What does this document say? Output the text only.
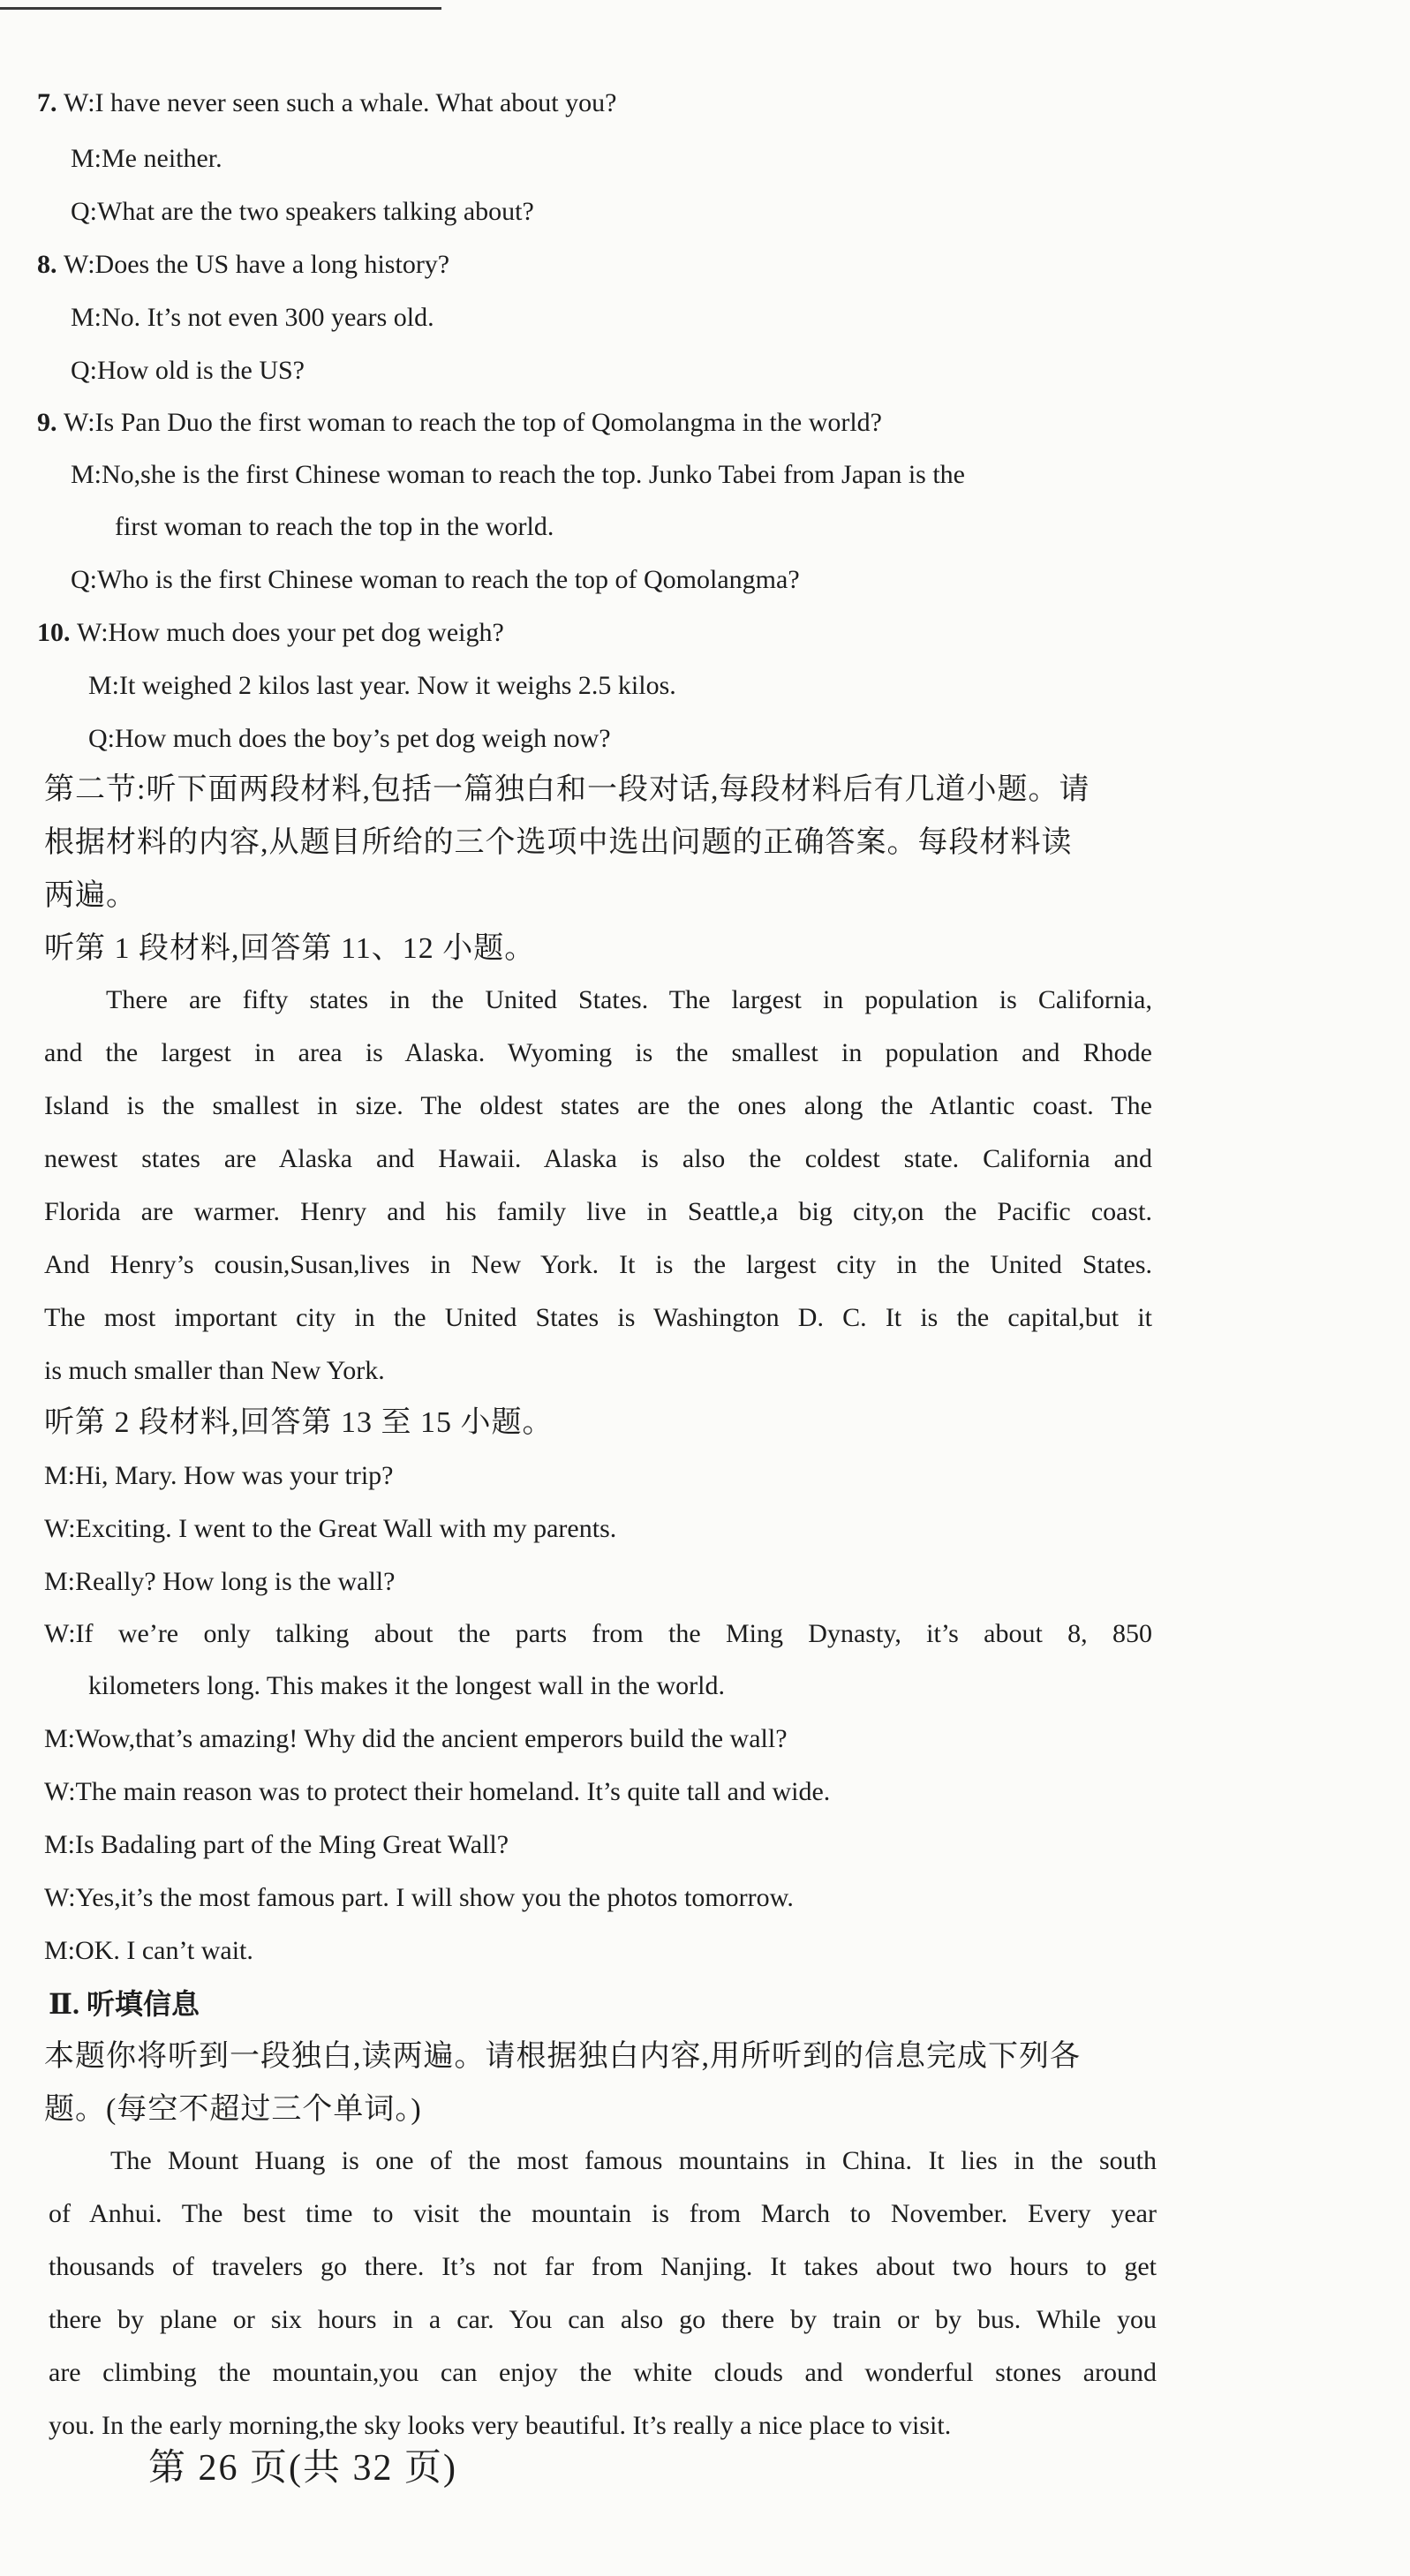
7. W:I have never seen such a whale. What about you?
M:Me neither.
Q:What are the two speakers talking about?
8. W:Does the US have a long history?
M:No. It’s not even 300 years old.
Q:How old is the US?
9. W:Is Pan Duo the first woman to reach the top of Qomolangma in the world?
M:No,she is the first Chinese woman to reach the top. Junko Tabei from Japan is the
first woman to reach the top in the world.
Q:Who is the first Chinese woman to reach the top of Qomolangma?
10. W:How much does your pet dog weigh?
M:It weighed 2 kilos last year. Now it weighs 2.5 kilos.
Q:How much does the boy’s pet dog weigh now?
第二节:听下面两段材料,包括一篇独白和一段对话,每段材料后有几道小题。请
根据材料的内容,从题目所给的三个选项中选出问题的正确答案。每段材料读
两遍。
听第 1 段材料,回答第 11、12 小题。
There are fifty states in the United States. The largest in population is California,
and the largest in area is Alaska. Wyoming is the smallest in population and Rhode
Island is the smallest in size. The oldest states are the ones along the Atlantic coast. The
newest states are Alaska and Hawaii. Alaska is also the coldest state. California and
Florida are warmer. Henry and his family live in Seattle,a big city,on the Pacific coast.
And Henry’s cousin,Susan,lives in New York. It is the largest city in the United States.
The most important city in the United States is Washington D. C. It is the capital,but it
is much smaller than New York.
听第 2 段材料,回答第 13 至 15 小题。
M:Hi, Mary. How was your trip?
W:Exciting. I went to the Great Wall with my parents.
M:Really? How long is the wall?
W:If we’re only talking about the parts from the Ming Dynasty, it’s about 8, 850
kilometers long. This makes it the longest wall in the world.
M:Wow,that’s amazing! Why did the ancient emperors build the wall?
W:The main reason was to protect their homeland. It’s quite tall and wide.
M:Is Badaling part of the Ming Great Wall?
W:Yes,it’s the most famous part. I will show you the photos tomorrow.
M:OK. I can’t wait.
Ⅱ. 听填信息
本题你将听到一段独白,读两遍。请根据独白内容,用所听到的信息完成下列各
题。(每空不超过三个单词。)
The Mount Huang is one of the most famous mountains in China. It lies in the south
of Anhui. The best time to visit the mountain is from March to November. Every year
thousands of travelers go there. It’s not far from Nanjing. It takes about two hours to get
there by plane or six hours in a car. You can also go there by train or by bus. While you
are climbing the mountain,you can enjoy the white clouds and wonderful stones around
you. In the early morning,the sky looks very beautiful. It’s really a nice place to visit.
第 26 页(共 32 页)
